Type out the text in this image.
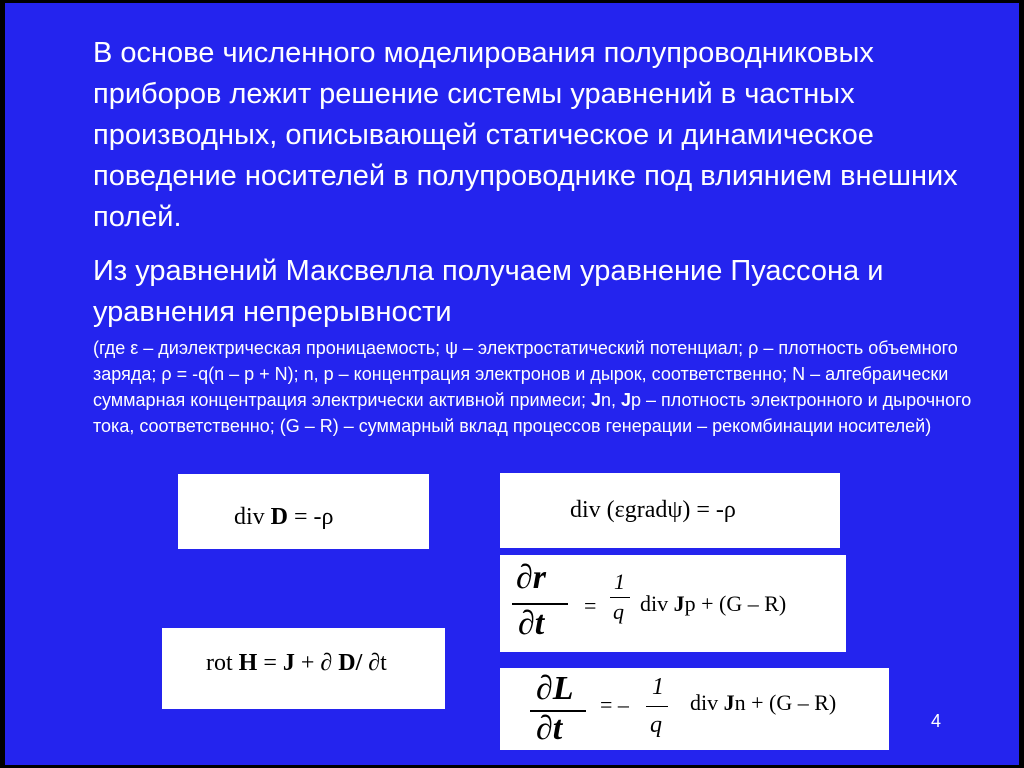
В основе численного моделирования полупроводниковых приборов лежит решение системы уравнений в частных производных, описывающей статическое и динамическое поведение носителей в полупроводнике под влиянием внешних полей.

Из уравнений Максвелла получаем уравнение Пуассона и уравнения непрерывности

(где ε – диэлектрическая проницаемость; ψ – электростатический потенциал; ρ – плотность объемного заряда; ρ = -q(n – p + N); n, p – концентрация электронов и дырок, соответственно; N – алгебраически суммарная концентрация электрически активной примеси; Jn, Jp – плотность электронного и дырочного тока, соответственно; (G – R) – суммарный вклад процессов генерации – рекомбинации носителей)

div D = -ρ	div (εgradψ) = -ρ
∂r
∂t =
1
q div Jp + (G – R)
rot H = J + ∂ D/ ∂t
∂L
∂t
= –
1
q
div Jn + (G – R)
4
